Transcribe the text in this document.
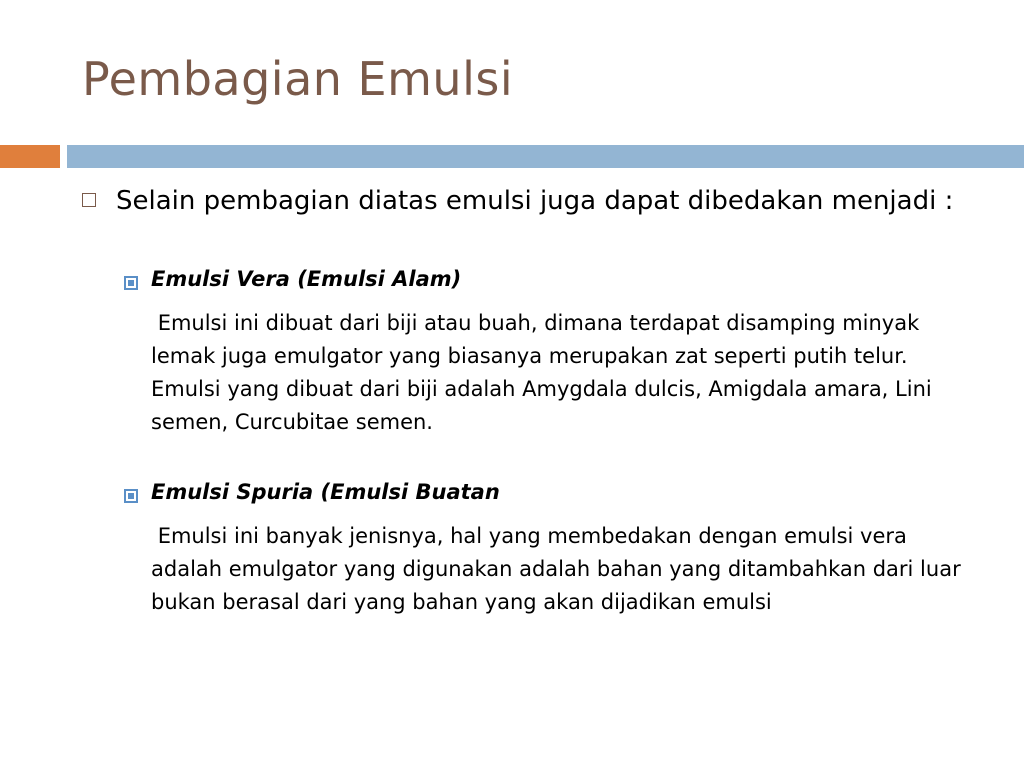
Pembagian Emulsi
Selain pembagian diatas emulsi juga dapat dibedakan menjadi :
Emulsi Vera (Emulsi Alam)
Emulsi ini dibuat dari biji atau buah, dimana terdapat disamping minyak lemak juga emulgator yang biasanya merupakan zat seperti putih telur. Emulsi yang dibuat dari biji adalah Amygdala dulcis, Amigdala amara, Lini semen, Curcubitae semen.
Emulsi Spuria (Emulsi Buatan
Emulsi ini banyak jenisnya, hal yang membedakan dengan emulsi vera adalah emulgator yang digunakan adalah bahan yang ditambahkan dari luar bukan berasal dari yang bahan yang akan dijadikan emulsi
